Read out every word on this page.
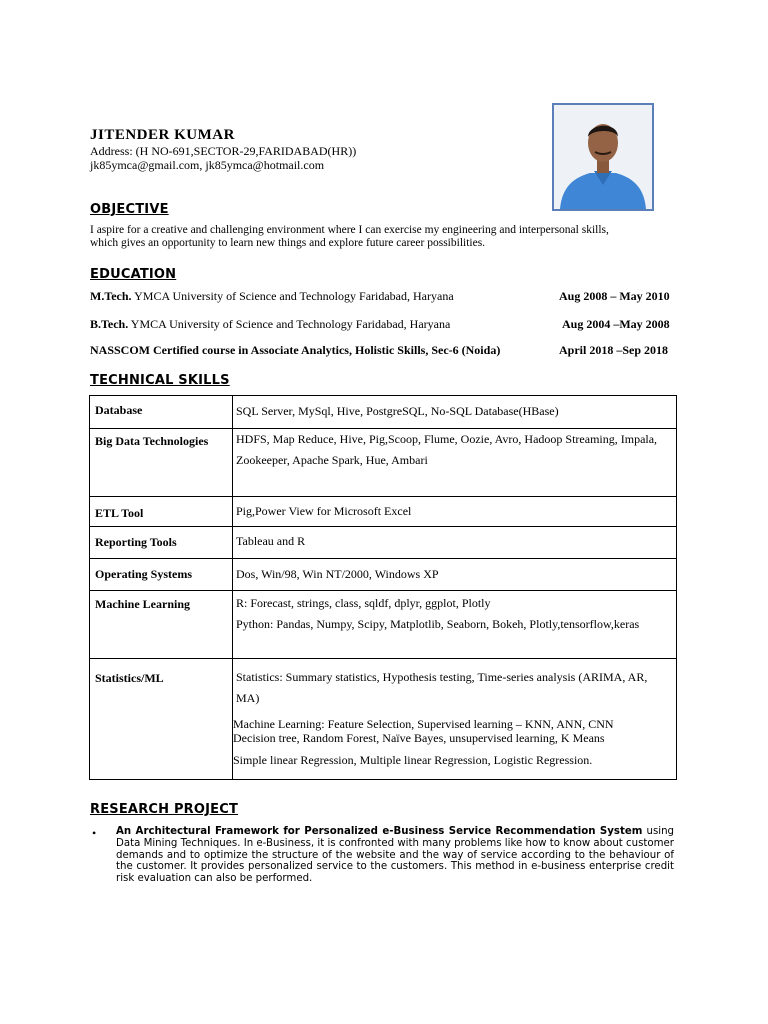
JITENDER KUMAR
Address: (H NO-691,SECTOR-29,FARIDABAD(HR))
jk85ymca@gmail.com, jk85ymca@hotmail.com
OBJECTIVE
I aspire for a creative and challenging environment where I can exercise my engineering and interpersonal skills, which gives an opportunity to learn new things and explore future career possibilities.
EDUCATION
M.Tech. YMCA University of Science and Technology Faridabad, Haryana	Aug 2008 – May 2010
B.Tech. YMCA University of Science and Technology Faridabad, Haryana	Aug 2004 –May 2008
NASSCOM Certified course in Associate Analytics, Holistic Skills, Sec-6 (Noida)	April 2018 –Sep 2018
TECHNICAL SKILLS
Database	SQL Server, MySql, Hive, PostgreSQL, No-SQL Database(HBase)

Big Data Technologies	HDFS, Map Reduce, Hive, Pig,Scoop, Flume, Oozie, Avro, Hadoop Streaming, Impala,
Zookeeper, Apache Spark, Hue, Ambari

ETL Tool	Pig,Power View for Microsoft Excel

Reporting Tools	Tableau and R

Operating Systems	Dos, Win/98, Win NT/2000, Windows XP

Machine Learning	R: Forecast, strings, class, sqldf, dplyr, ggplot, Plotly
Python: Pandas, Numpy, Scipy, Matplotlib, Seaborn, Bokeh, Plotly,tensorflow,keras

Statistics/ML	Statistics: Summary statistics, Hypothesis testing, Time-series analysis (ARIMA, AR,
MA)
Machine Learning: Feature Selection, Supervised learning – KNN, ANN, CNN
Decision tree, Random Forest, Naïve Bayes, unsupervised learning, K Means
Simple linear Regression, Multiple linear Regression, Logistic Regression.
RESEARCH PROJECT
• An Architectural Framework for Personalized e-Business Service Recommendation System using Data Mining Techniques. In e-Business, it is confronted with many problems like how to know about customer demands and to optimize the structure of the website and the way of service according to the behaviour of the customer. It provides personalized service to the customers. This method in e-business enterprise credit risk evaluation can also be performed.
